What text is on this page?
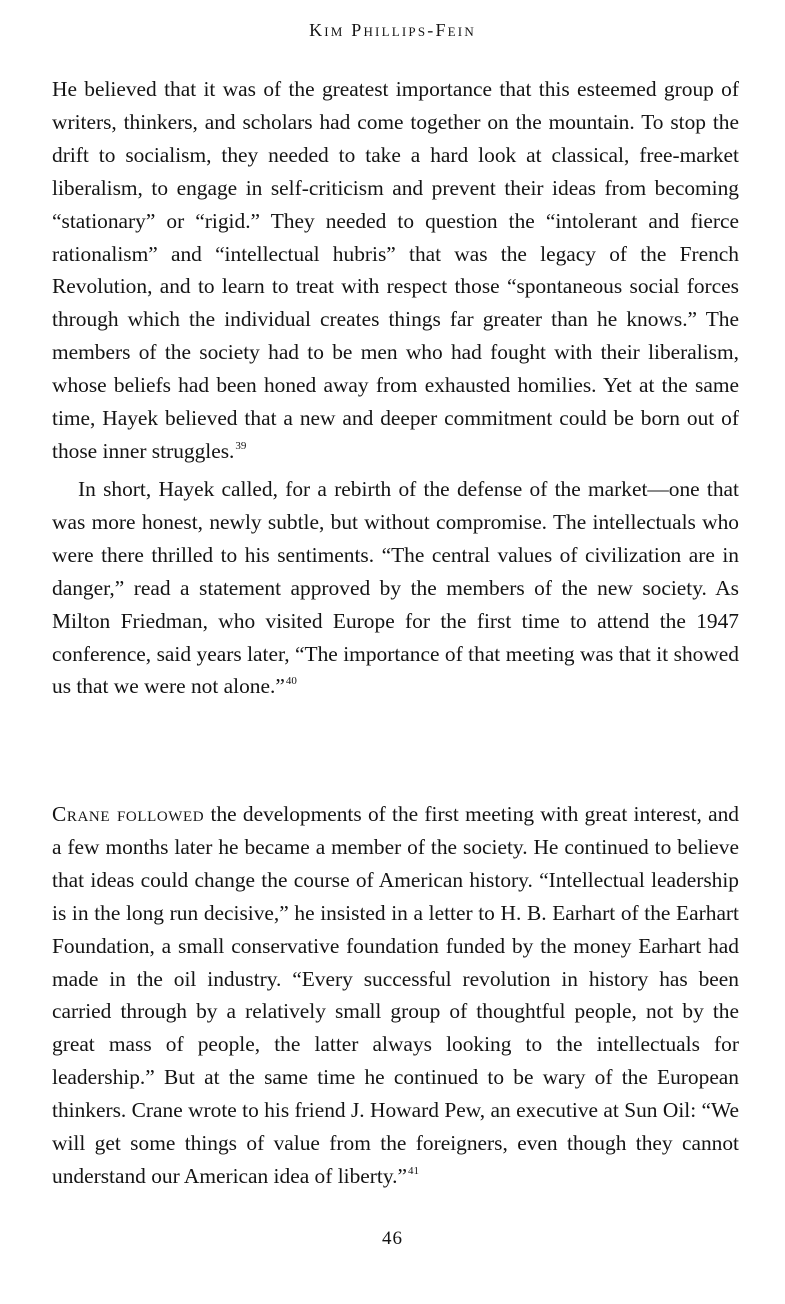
Kim Phillips-Fein

He believed that it was of the greatest importance that this esteemed group of writers, thinkers, and scholars had come together on the mountain. To stop the drift to socialism, they needed to take a hard look at classical, free-market liberalism, to engage in self-criticism and prevent their ideas from becoming “stationary” or “rigid.” They needed to question the “intolerant and fierce rationalism” and “intellectual hubris” that was the legacy of the French Revolution, and to learn to treat with respect those “spontaneous social forces through which the individual creates things far greater than he knows.” The members of the society had to be men who had fought with their liberalism, whose beliefs had been honed away from exhausted homilies. Yet at the same time, Hayek believed that a new and deeper commitment could be born out of those inner struggles.$^{39}$

In short, Hayek called, for a rebirth of the defense of the market—one that was more honest, newly subtle, but without compromise. The intellectuals who were there thrilled to his sentiments. “The central values of civilization are in danger,” read a statement approved by the members of the new society. As Milton Friedman, who visited Europe for the first time to attend the 1947 conference, said years later, “The importance of that meeting was that it showed us that we were not alone.”$^{40}$

Crane followed the developments of the first meeting with great interest, and a few months later he became a member of the society. He continued to believe that ideas could change the course of American history. “Intellectual leadership is in the long run decisive,” he insisted in a letter to H. B. Earhart of the Earhart Foundation, a small conservative foundation funded by the money Earhart had made in the oil industry. “Every successful revolution in history has been carried through by a relatively small group of thoughtful people, not by the great mass of people, the latter always looking to the intellectuals for leadership.” But at the same time he continued to be wary of the European thinkers. Crane wrote to his friend J. Howard Pew, an executive at Sun Oil: “We will get some things of value from the foreigners, even though they cannot understand our American idea of liberty.”$^{41}$

46
